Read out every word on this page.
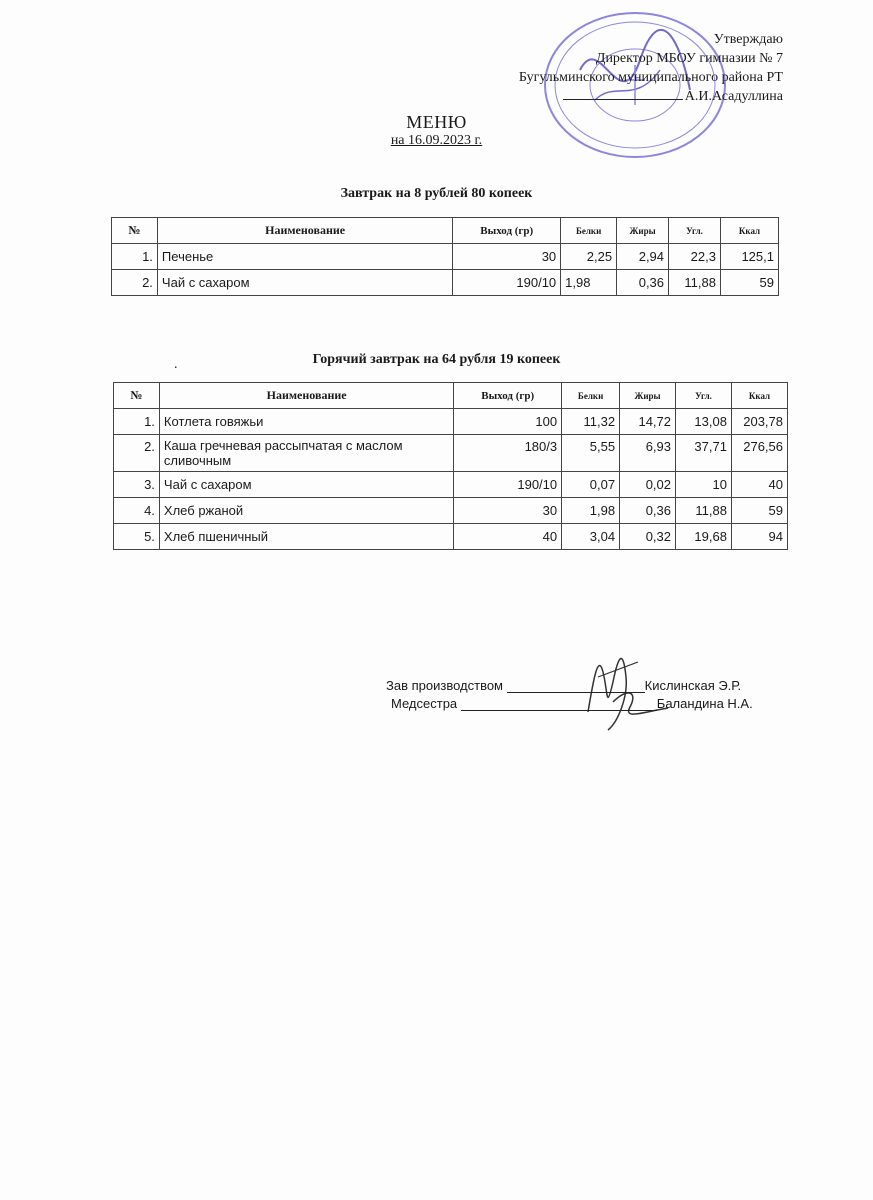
Утверждаю
Директор МБОУ гимназии № 7
Бугульминского муниципального района РТ
А.И.Асадуллина
МЕНЮ
на 16.09.2023 г.
Завтрак на 8 рублей 80 копеек
№	Наименование	Выход (гр)	Белки	Жиры	Угл.	Ккал
1.	Печенье	30	2,25	2,94	22,3	125,1
2.	Чай с сахаром	190/10	1,98	0,36	11,88	59
.	Горячий завтрак на 64 рубля 19 копеек
№	Наименование	Выход (гр)	Белки	Жиры	Угл.	Ккал
1.	Котлета говяжьи	100	11,32	14,72	13,08	203,78
2.	Каша гречневая рассыпчатая с маслом сливочным	180/3	5,55	6,93	37,71	276,56
3.	Чай с сахаром	190/10	0,07	0,02	10	40
4.	Хлеб ржаной	30	1,98	0,36	11,88	59
5.	Хлеб пшеничный	40	3,04	0,32	19,68	94
Зав производством	Кислинская Э.Р.
Медсестра	Баландина Н.А.
